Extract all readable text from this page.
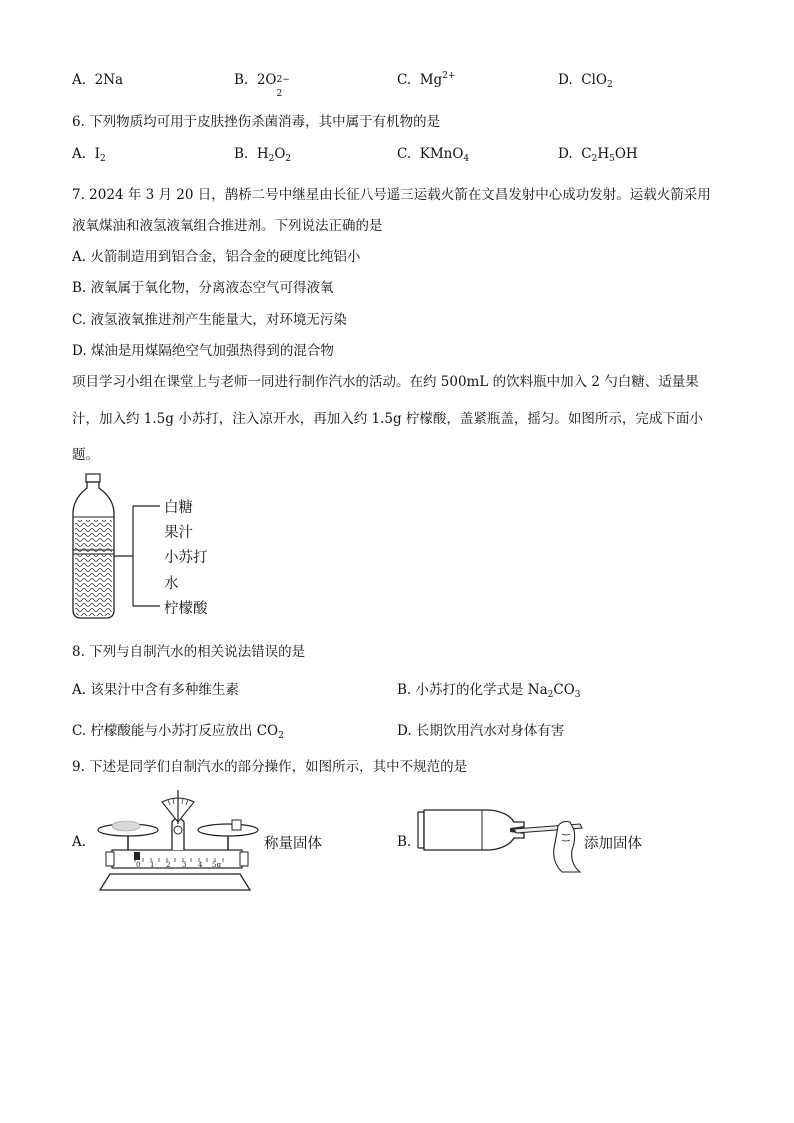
A. 2Na	B. 2O 2−
2
C. $Mg^{2+}$	D. ClO$_2$
6. 下列物质均可用于皮肤挫伤杀菌消毒，其中属于有机物的是
A. $I_2$	B. $H_2O_2$	C. KMnO$_4$	D. $C_2H_5OH$
7. 2024 年 3 月 20 日，鹊桥二号中继星由长征八号遥三运载火箭在文昌发射中心成功发射。运载火箭采用
液氧煤油和液氢液氧组合推进剂。下列说法正确的是
A. 火箭制造用到铝合金，铝合金的硬度比纯铝小
B. 液氧属于氧化物，分离液态空气可得液氧
C. 液氢液氧推进剂产生能量大，对环境无污染
D. 煤油是用煤隔绝空气加强热得到的混合物
项目学习小组在课堂上与老师一同进行制作汽水的活动。在约 500mL 的饮料瓶中加入 2 勺白糖、适量果
汁，加入约 1.5g 小苏打，注入凉开水，再加入约 1.5g 柠檬酸，盖紧瓶盖，摇匀。如图所示，完成下面小
题。
白糖
果汁
小苏打
水
柠檬酸
8. 下列与自制汽水的相关说法错误的是
A. 该果汁中含有多种维生素	B. 小苏打的化学式是 $Na_2CO_3$
C. 柠檬酸能与小苏打反应放出 $CO_2$	D. 长期饮用汽水对身体有害
9. 下述是同学们自制汽水的部分操作，如图所示，其中不规范的是
A.
0 1 2 3 4 5g
称量固体	B.	添加固体
